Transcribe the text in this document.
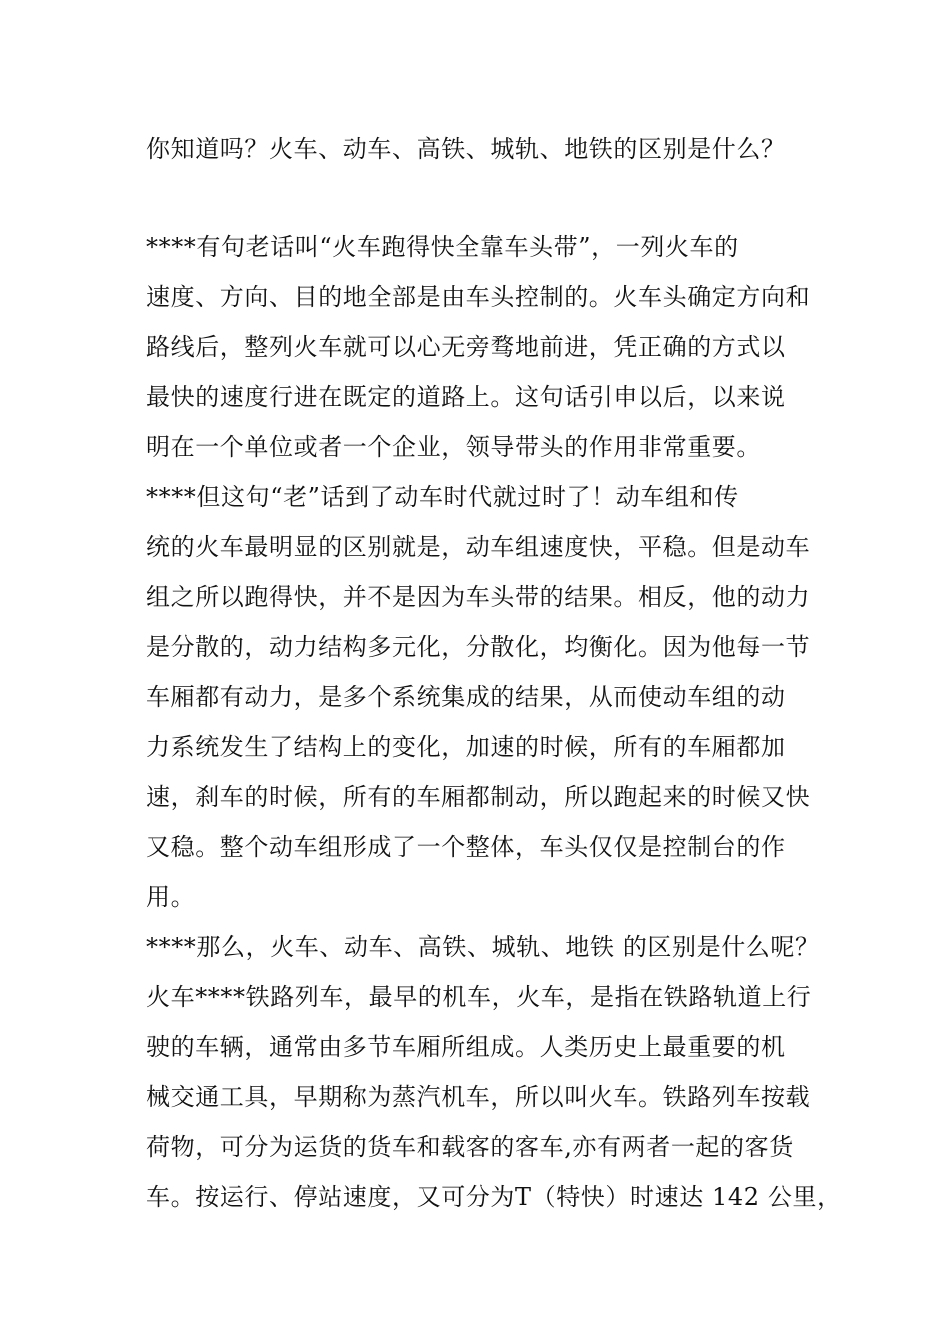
你知道吗？火车、动车、高铁、城轨、地铁的区别是什么？
****有句老话叫“火车跑得快全靠车头带”，一列火车的
速度、方向、目的地全部是由车头控制的。火车头确定方向和
路线后，整列火车就可以心无旁骛地前进，凭正确的方式以
最快的速度行进在既定的道路上。这句话引申以后，以来说
明在一个单位或者一个企业，领导带头的作用非常重要。
****但这句“老”话到了动车时代就过时了！动车组和传
统的火车最明显的区别就是，动车组速度快，平稳。但是动车
组之所以跑得快，并不是因为车头带的结果。相反，他的动力
是分散的，动力结构多元化，分散化，均衡化。因为他每一节
车厢都有动力，是多个系统集成的结果，从而使动车组的动
力系统发生了结构上的变化，加速的时候，所有的车厢都加
速，刹车的时候，所有的车厢都制动，所以跑起来的时候又快
又稳。整个动车组形成了一个整体，车头仅仅是控制台的作
用。
****那么，火车、动车、高铁、城轨、地铁 的区别是什么呢？
火车****铁路列车，最早的机车，火车，是指在铁路轨道上行
驶的车辆，通常由多节车厢所组成。人类历史上最重要的机
械交通工具，早期称为蒸汽机车，所以叫火车。铁路列车按载
荷物，可分为运货的货车和载客的客车,亦有两者一起的客货
车。按运行、停站速度，又可分为T（特快）时速达 142 公里，
